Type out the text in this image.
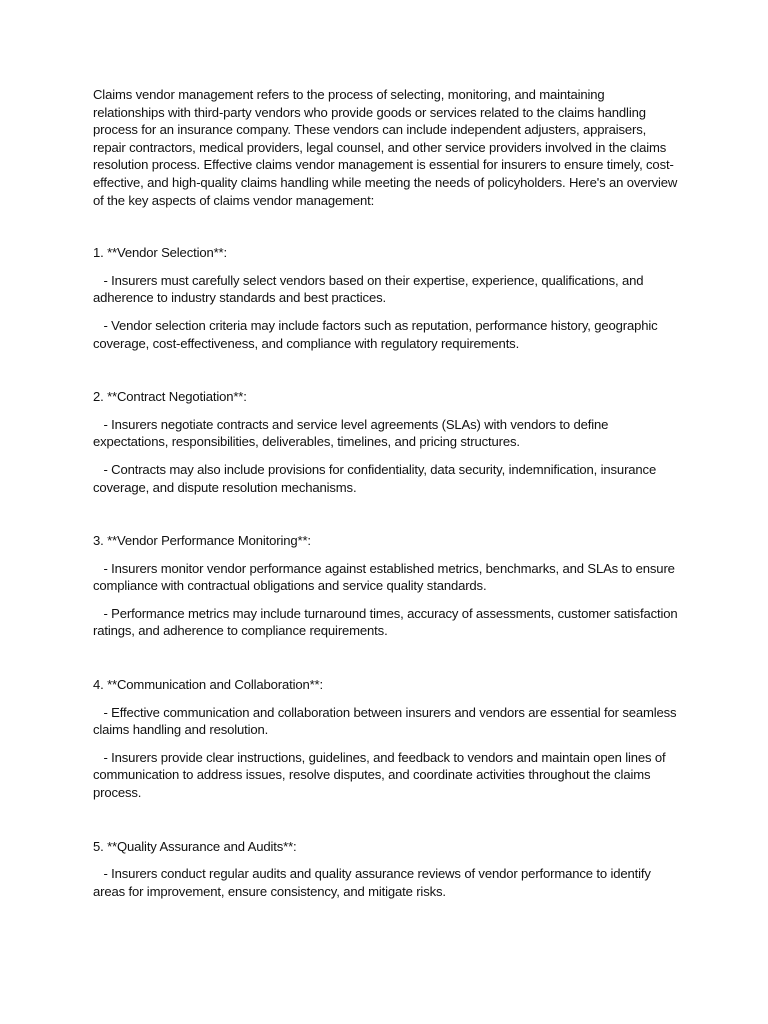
Claims vendor management refers to the process of selecting, monitoring, and maintaining relationships with third-party vendors who provide goods or services related to the claims handling process for an insurance company. These vendors can include independent adjusters, appraisers, repair contractors, medical providers, legal counsel, and other service providers involved in the claims resolution process. Effective claims vendor management is essential for insurers to ensure timely, cost-effective, and high-quality claims handling while meeting the needs of policyholders. Here's an overview of the key aspects of claims vendor management:

1. **Vendor Selection**:

- Insurers must carefully select vendors based on their expertise, experience, qualifications, and adherence to industry standards and best practices.

- Vendor selection criteria may include factors such as reputation, performance history, geographic coverage, cost-effectiveness, and compliance with regulatory requirements.

2. **Contract Negotiation**:

- Insurers negotiate contracts and service level agreements (SLAs) with vendors to define expectations, responsibilities, deliverables, timelines, and pricing structures.

- Contracts may also include provisions for confidentiality, data security, indemnification, insurance coverage, and dispute resolution mechanisms.

3. **Vendor Performance Monitoring**:

- Insurers monitor vendor performance against established metrics, benchmarks, and SLAs to ensure compliance with contractual obligations and service quality standards.

- Performance metrics may include turnaround times, accuracy of assessments, customer satisfaction ratings, and adherence to compliance requirements.

4. **Communication and Collaboration**:

- Effective communication and collaboration between insurers and vendors are essential for seamless claims handling and resolution.

- Insurers provide clear instructions, guidelines, and feedback to vendors and maintain open lines of communication to address issues, resolve disputes, and coordinate activities throughout the claims process.

5. **Quality Assurance and Audits**:

- Insurers conduct regular audits and quality assurance reviews of vendor performance to identify areas for improvement, ensure consistency, and mitigate risks.
